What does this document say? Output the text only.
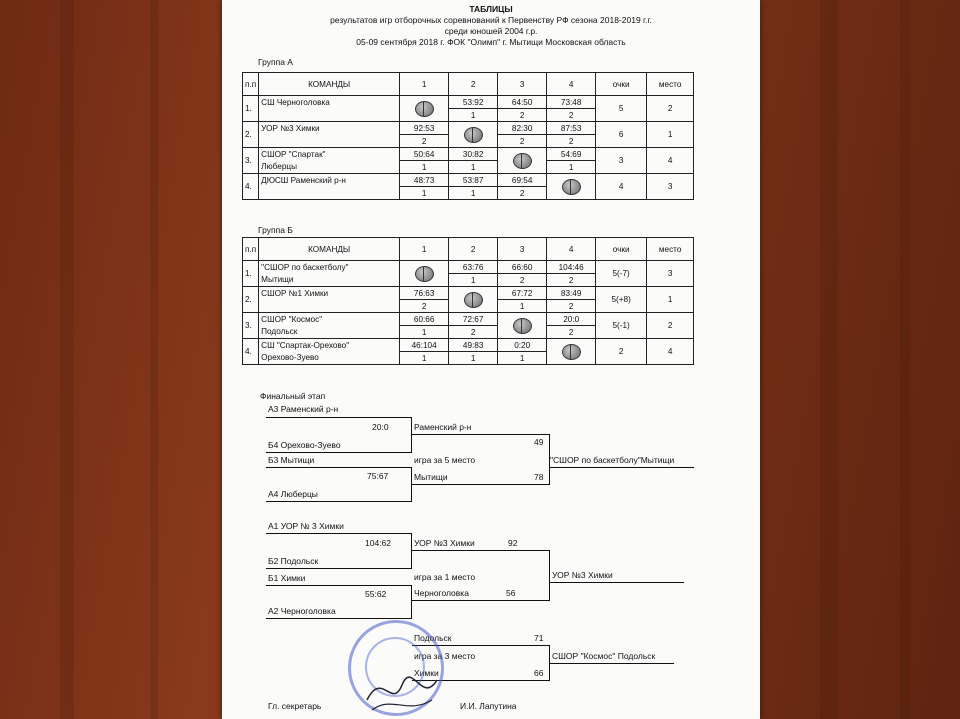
ТАБЛИЦЫ
результатов игр отборочных соревнований к Первенству РФ сезона 2018-2019 г.г.
среди юношей 2004 г.р.
05-09 сентября 2018 г. ФОК "Олимп" г. Мытищи Московская область
Группа А
п.п	КОМАНДЫ	1	2	3	4	очки	место
1.	СШ Черноголовка		53:92	64:50	73:48	5	2
			1	2	2		
2.	УОР №3 Химки	92:53		82:30	87:53	6	1
		2		2	2		
3.	СШОР "Спартак"	50:64	30:82		54:69	3	4
	Люберцы	1	1		1		
4.	ДЮСШ Раменский р-н	48:73	53:87	69:54		4	3
		1	1	2			
Группа Б
п.п	КОМАНДЫ	1	2	3	4	очки	место
1.	"СШОР по баскетболу"		63:76	66:60	104:46	5(-7)	3
	Мытищи		1	2	2		
2.	СШОР №1 Химки	76:63		67:72	83:49	5(+8)	1
		2		1	2		
3.	СШОР "Космос"	60:66	72:67		20:0	5(-1)	2
	Подольск	1	2		2		
4.	СШ "Спартак-Орехово"	46:104	49:83	0:20		2	4
	Орехово-Зуево	1	1	1			
Финальный этап
А3 Раменский р-н
20:0
Б4 Орехово-Зуево
Б3 Мытищи
75:67
А4 Люберцы
Раменский р-н
49
игра за 5 место
Мытищи	78
"СШОР по баскетболу"Мытищи
А1 УОР № 3 Химки
104:62
Б2 Подольск
Б1 Химки
55:62
А2 Черноголовка
УОР №3 Химки	92
игра за 1 место
Черноголовка	56
УОР №3 Химки
Подольск	71
игра за 3 место
Химки	66
СШОР "Космос" Подольск
Гл. секретарь	И.И. Лапутина
